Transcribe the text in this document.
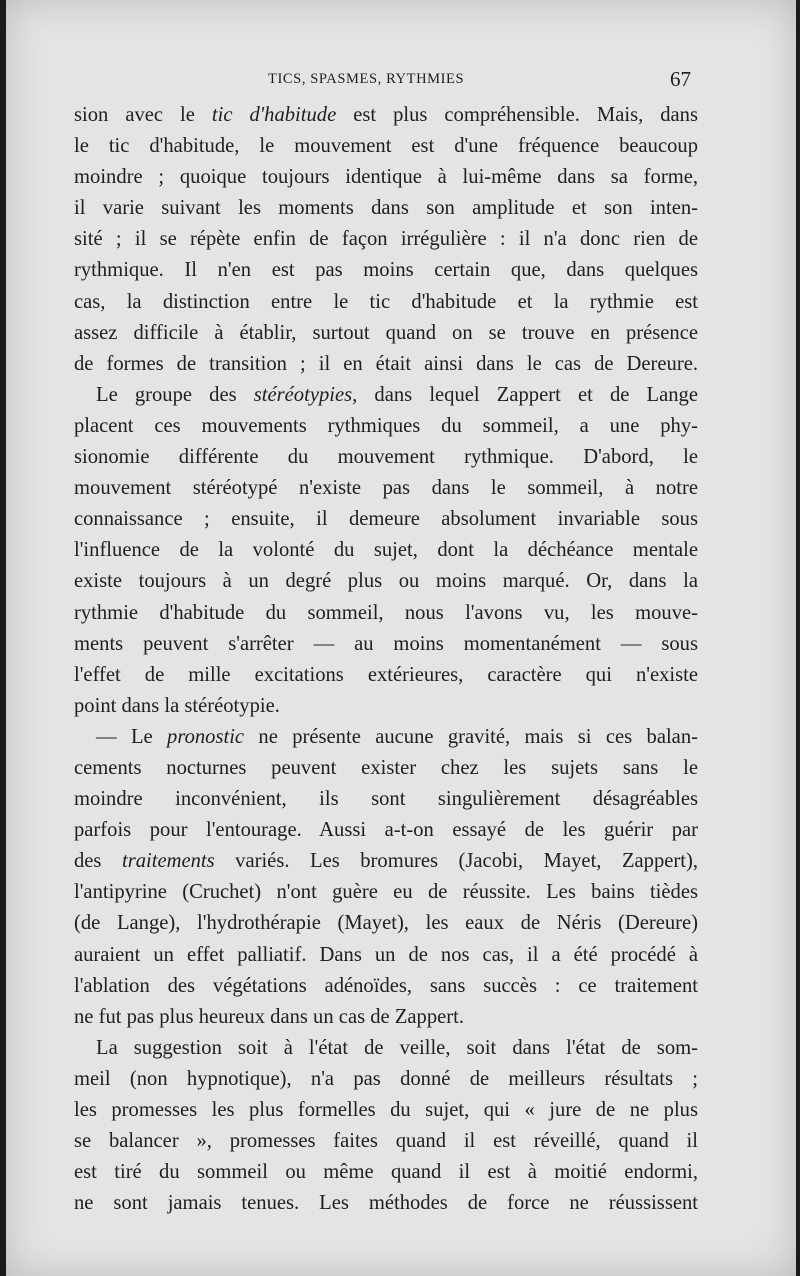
TICS, SPASMES, RYTHMIES	67

sion avec le tic d'habitude est plus compréhensible. Mais, dans

le tic d'habitude, le mouvement est d'une fréquence beaucoup

moindre ; quoique toujours identique à lui-même dans sa forme,

il varie suivant les moments dans son amplitude et son inten-

sité ; il se répète enfin de façon irrégulière : il n'a donc rien de

rythmique. Il n'en est pas moins certain que, dans quelques

cas, la distinction entre le tic d'habitude et la rythmie est

assez difficile à établir, surtout quand on se trouve en présence

de formes de transition ; il en était ainsi dans le cas de Dereure.

Le groupe des stéréotypies, dans lequel Zappert et de Lange

placent ces mouvements rythmiques du sommeil, a une phy-

sionomie différente du mouvement rythmique. D'abord, le

mouvement stéréotypé n'existe pas dans le sommeil, à notre

connaissance ; ensuite, il demeure absolument invariable sous

l'influence de la volonté du sujet, dont la déchéance mentale

existe toujours à un degré plus ou moins marqué. Or, dans la

rythmie d'habitude du sommeil, nous l'avons vu, les mouve-

ments peuvent s'arrêter — au moins momentanément — sous

l'effet de mille excitations extérieures, caractère qui n'existe

point dans la stéréotypie.

— Le pronostic ne présente aucune gravité, mais si ces balan-

cements nocturnes peuvent exister chez les sujets sans le

moindre inconvénient, ils sont singulièrement désagréables

parfois pour l'entourage. Aussi a-t-on essayé de les guérir par

des traitements variés. Les bromures (Jacobi, Mayet, Zappert),

l'antipyrine (Cruchet) n'ont guère eu de réussite. Les bains tièdes

(de Lange), l'hydrothérapie (Mayet), les eaux de Néris (Dereure)

auraient un effet palliatif. Dans un de nos cas, il a été procédé à

l'ablation des végétations adénoïdes, sans succès : ce traitement

ne fut pas plus heureux dans un cas de Zappert.

La suggestion soit à l'état de veille, soit dans l'état de som-

meil (non hypnotique), n'a pas donné de meilleurs résultats ;

les promesses les plus formelles du sujet, qui « jure de ne plus

se balancer », promesses faites quand il est réveillé, quand il

est tiré du sommeil ou même quand il est à moitié endormi,

ne sont jamais tenues. Les méthodes de force ne réussissent
